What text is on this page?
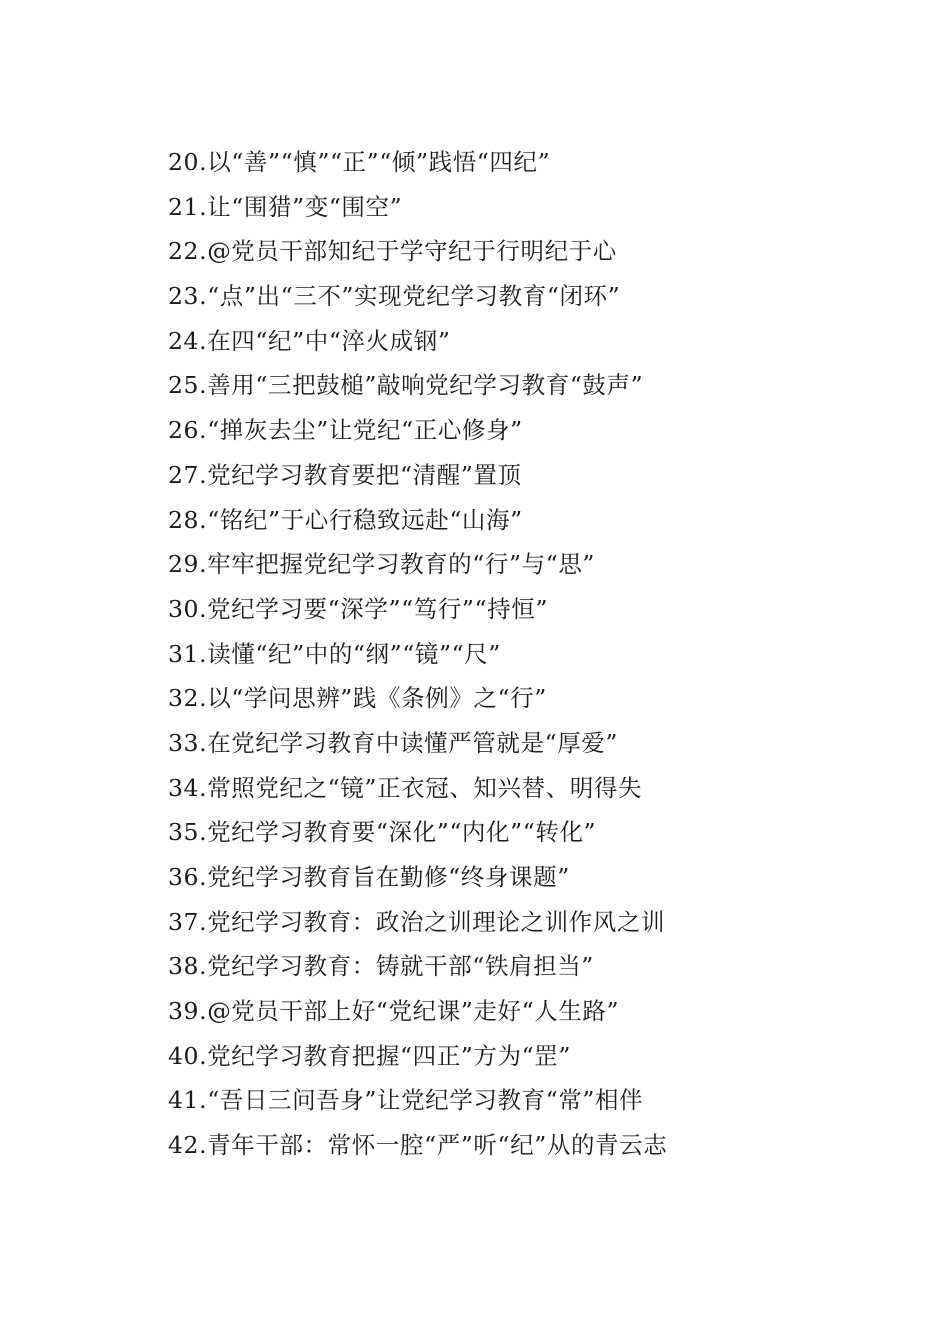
20.以“善”“慎”“正”“倾”践悟“四纪”
21.让“围猎”变“围空”
22.@党员干部知纪于学守纪于行明纪于心
23.“点”出“三不”实现党纪学习教育“闭环”
24.在四“纪”中“淬火成钢”
25.善用“三把鼓槌”敲响党纪学习教育“鼓声”
26.“掸灰去尘”让党纪“正心修身”
27.党纪学习教育要把“清醒”置顶
28.“铭纪”于心行稳致远赴“山海”
29.牢牢把握党纪学习教育的“行”与“思”
30.党纪学习要“深学”“笃行”“持恒”
31.读懂“纪”中的“纲”“镜”“尺”
32.以“学问思辨”践《条例》之“行”
33.在党纪学习教育中读懂严管就是“厚爱”
34.常照党纪之“镜”正衣冠、知兴替、明得失
35.党纪学习教育要“深化”“内化”“转化”
36.党纪学习教育旨在勤修“终身课题”
37.党纪学习教育：政治之训理论之训作风之训
38.党纪学习教育：铸就干部“铁肩担当”
39.@党员干部上好“党纪课”走好“人生路”
40.党纪学习教育把握“四正”方为“罡”
41.“吾日三问吾身”让党纪学习教育“常”相伴
42.青年干部：常怀一腔“严”听“纪”从的青云志
